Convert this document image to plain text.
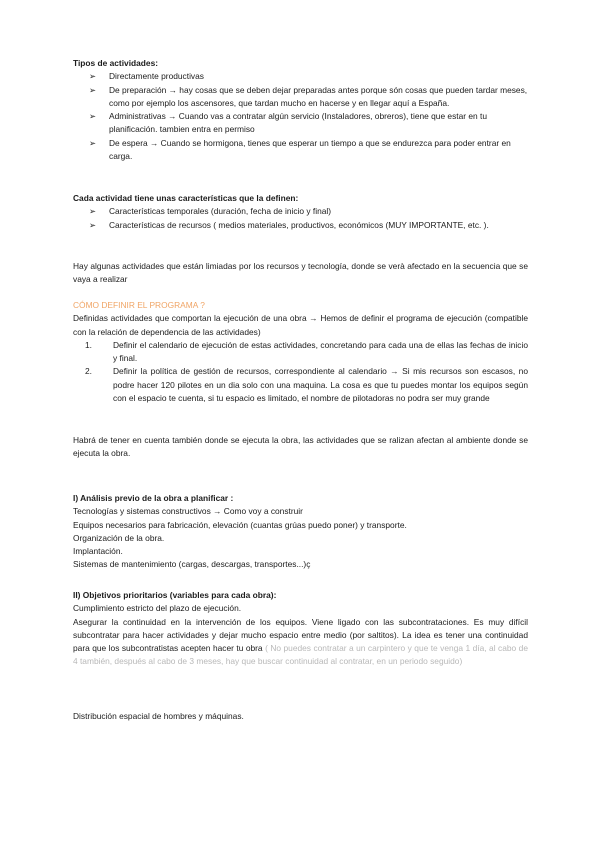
Tipos de actividades:

➢	Directamente productivas
➢	De preparación → hay cosas que se deben dejar preparadas antes porque són cosas que pueden tardar meses, como por ejemplo los ascensores, que tardan mucho en hacerse y en llegar aquí a España.
➢	Administrativas → Cuando vas a contratar algún servicio (Instaladores, obreros), tiene que estar en tu planificación. tambien entra en permiso
➢	De espera → Cuando se hormigona, tienes que esperar un tiempo a que se endurezca para poder entrar en carga.

Cada actividad tiene unas características que la definen:

➢	Características temporales (duración, fecha de inicio y final)
➢	Características de recursos ( medios materiales, productivos, económicos (MUY IMPORTANTE, etc. ).

Hay algunas actividades que están limiadas por los recursos y tecnología, donde se verà afectado en la secuencia que se vaya a realizar

CÓMO DEFINIR EL PROGRAMA ?

Definidas actividades que comportan la ejecución de una obra → Hemos de definir el programa de ejecución (compatible con la relación de dependencia de las actividades)

1.	Definir el calendario de ejecución de estas actividades, concretando para cada una de ellas las fechas de inicio y final.
2.	Definir la política de gestión de recursos, correspondiente al calendario → Si mis recursos son escasos, no podre hacer 120 pilotes en un dia solo con una maquina. La cosa es que tu puedes montar los equipos según con el espacio te cuenta, si tu espacio es limitado, el nombre de pilotadoras no podra ser muy grande

Habrá de tener en cuenta también donde se ejecuta la obra, las actividades que se ralizan afectan al ambiente donde se ejecuta la obra.

I) Análisis previo de la obra a planificar :

Tecnologías y sistemas constructivos → Como voy a construir

Equipos necesarios para fabricación, elevación (cuantas grúas puedo poner) y transporte.

Organización de la obra.

Implantación.

Sistemas de mantenimiento (cargas, descargas, transportes...)ç

II) Objetivos prioritarios (variables para cada obra):

Cumplimiento estricto del plazo de ejecución.

Asegurar la continuidad en la intervención de los equipos. Viene ligado con las subcontrataciones. Es muy difícil subcontratar para hacer actividades y dejar mucho espacio entre medio (por saltitos). La idea es tener una continuidad para que los subcontratistas acepten hacer tu obra ( No puedes contratar a un carpintero y que te venga 1 día, al cabo de 4 también, después al cabo de 3 meses, hay que buscar continuidad al contratar, en un periodo seguido)

Distribución espacial de hombres y máquinas.
